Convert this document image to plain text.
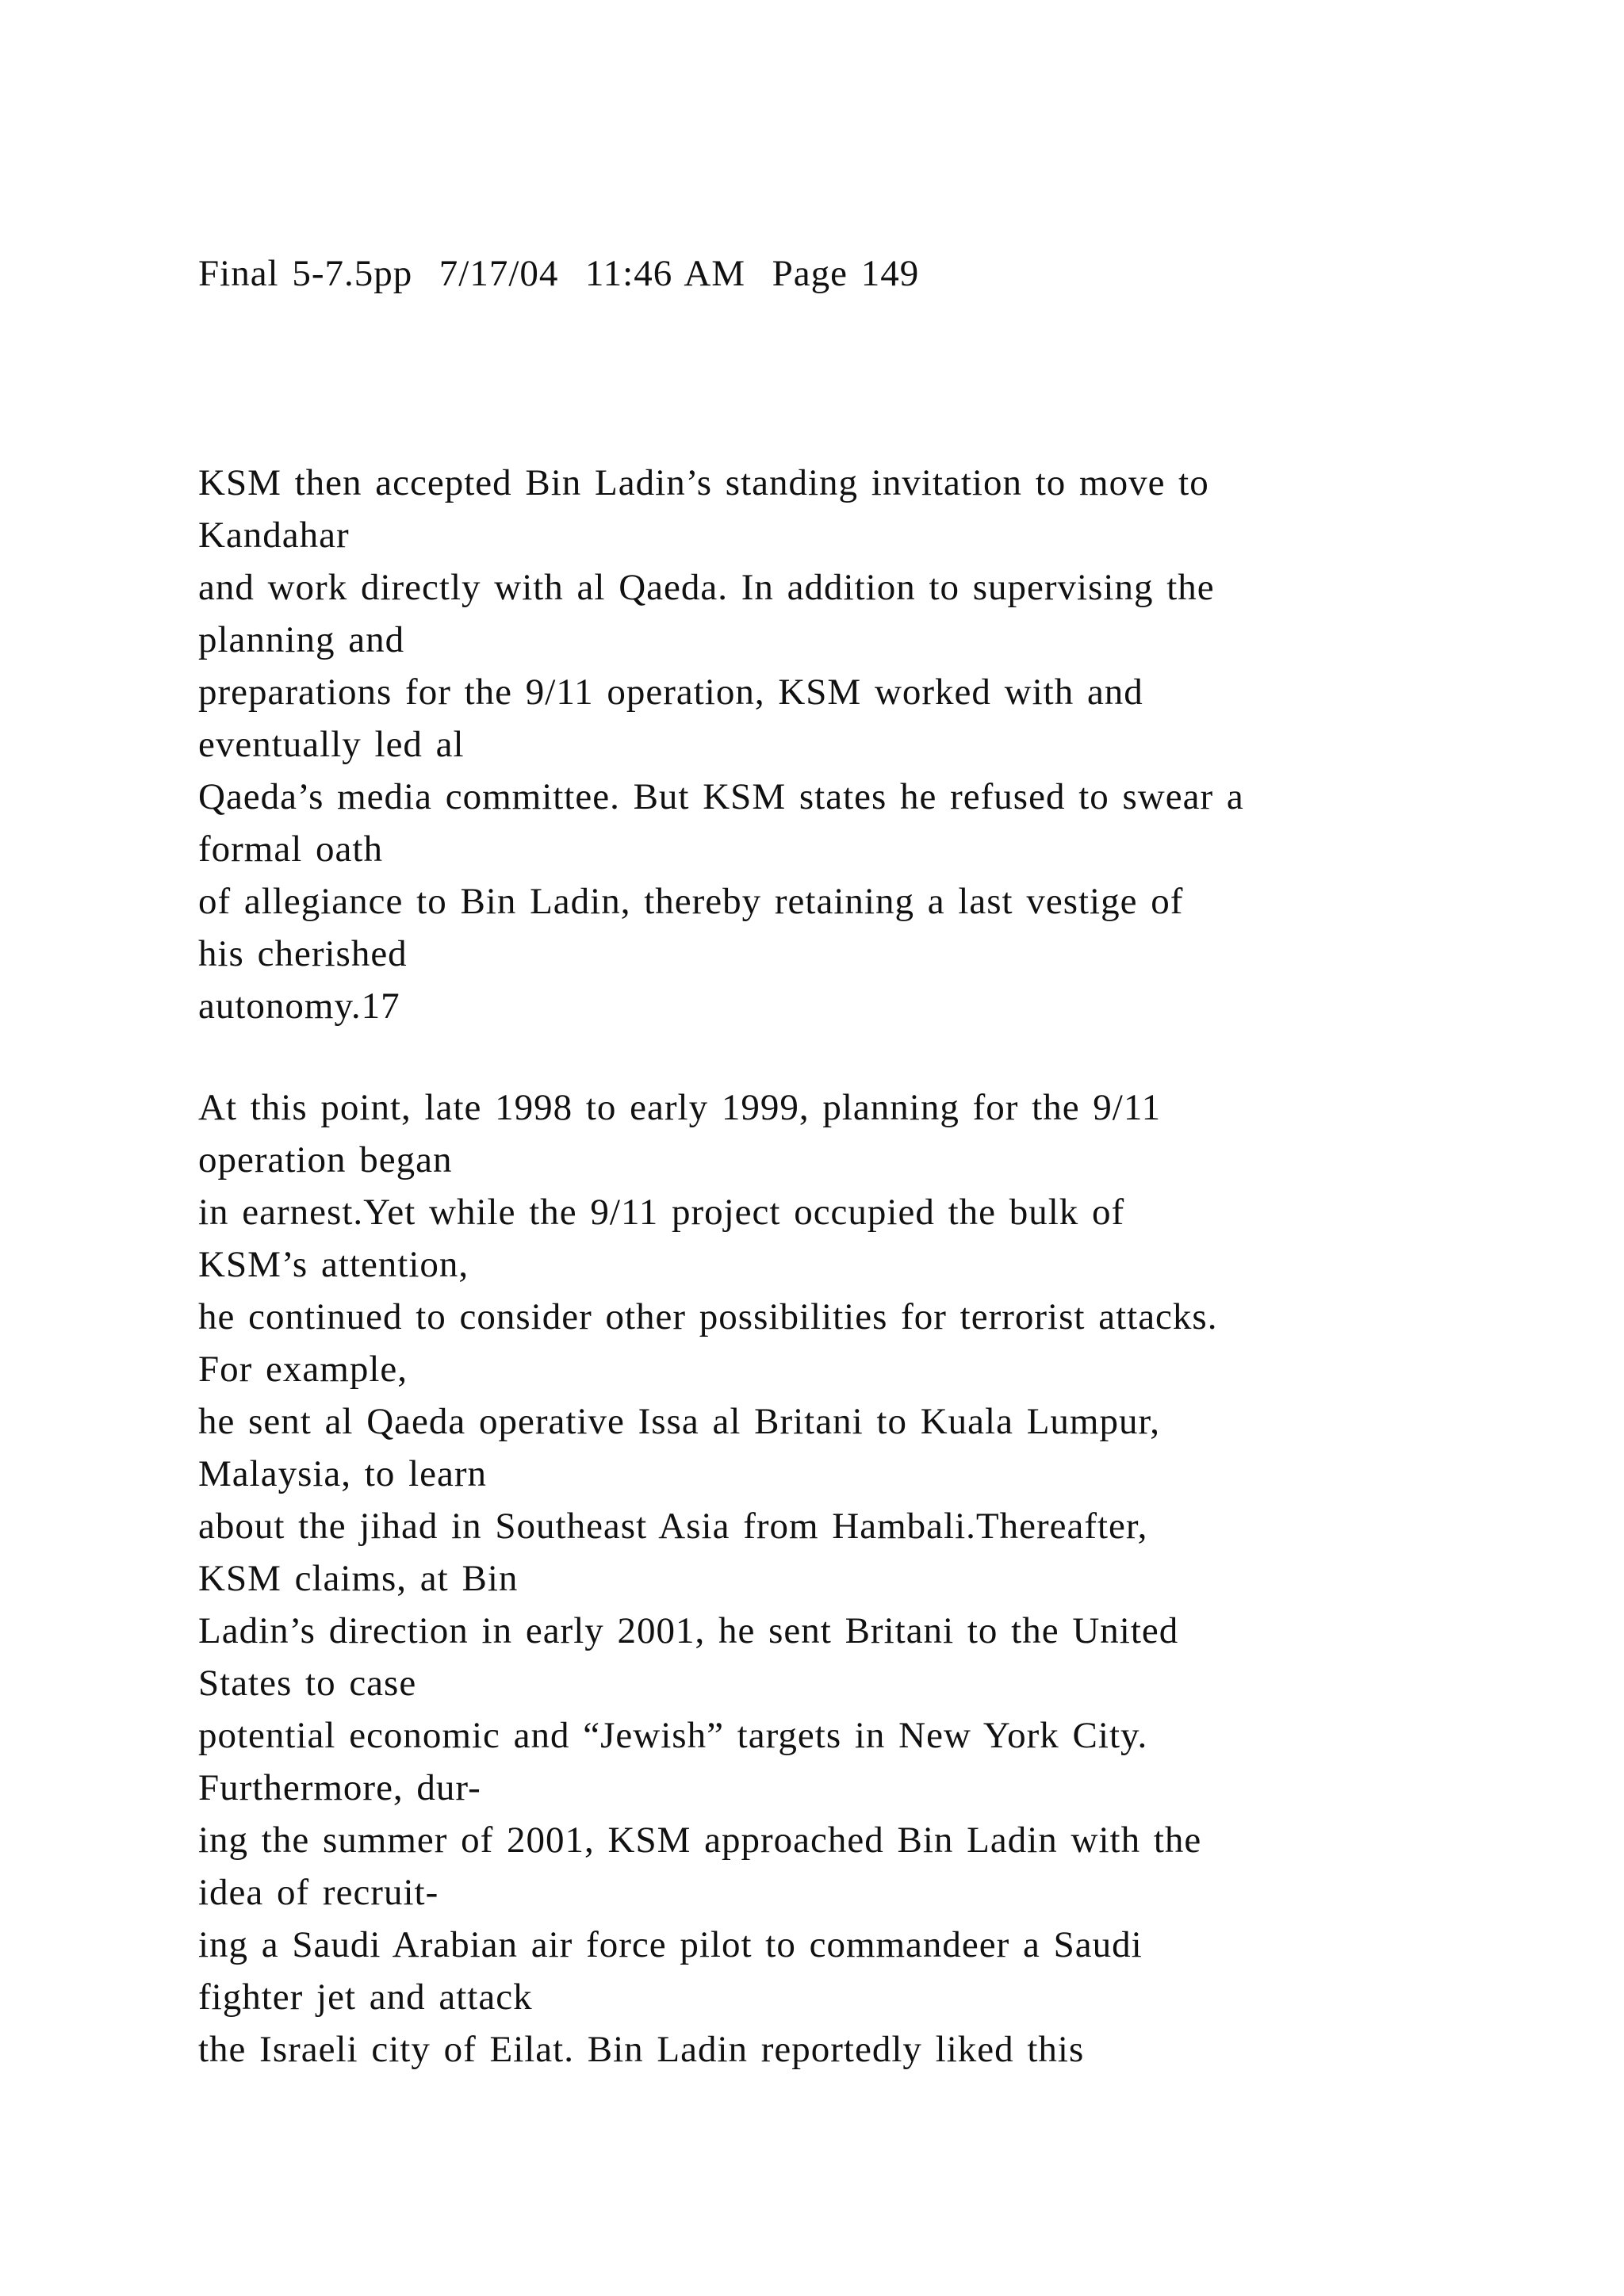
Final 5-7.5pp  7/17/04  11:46 AM  Page 149

KSM then accepted Bin Ladin’s standing invitation to move to
Kandahar
and work directly with al Qaeda. In addition to supervising the
planning and
preparations for the 9/11 operation, KSM worked with and
eventually led al
Qaeda’s media committee. But KSM states he refused to swear a
formal oath
of allegiance to Bin Ladin, thereby retaining a last vestige of
his cherished
autonomy.17
At this point, late 1998 to early 1999, planning for the 9/11
operation began
in earnest.Yet while the 9/11 project occupied the bulk of
KSM’s attention,
he continued to consider other possibilities for terrorist attacks.
For example,
he sent al Qaeda operative Issa al Britani to Kuala Lumpur,
Malaysia, to learn
about the jihad in Southeast Asia from Hambali.Thereafter,
KSM claims, at Bin
Ladin’s direction in early 2001, he sent Britani to the United
States to case
potential economic and “Jewish” targets in New York City.
Furthermore, dur-
ing the summer of 2001, KSM approached Bin Ladin with the
idea of recruit-
ing a Saudi Arabian air force pilot to commandeer a Saudi
fighter jet and attack
the Israeli city of Eilat. Bin Ladin reportedly liked this
